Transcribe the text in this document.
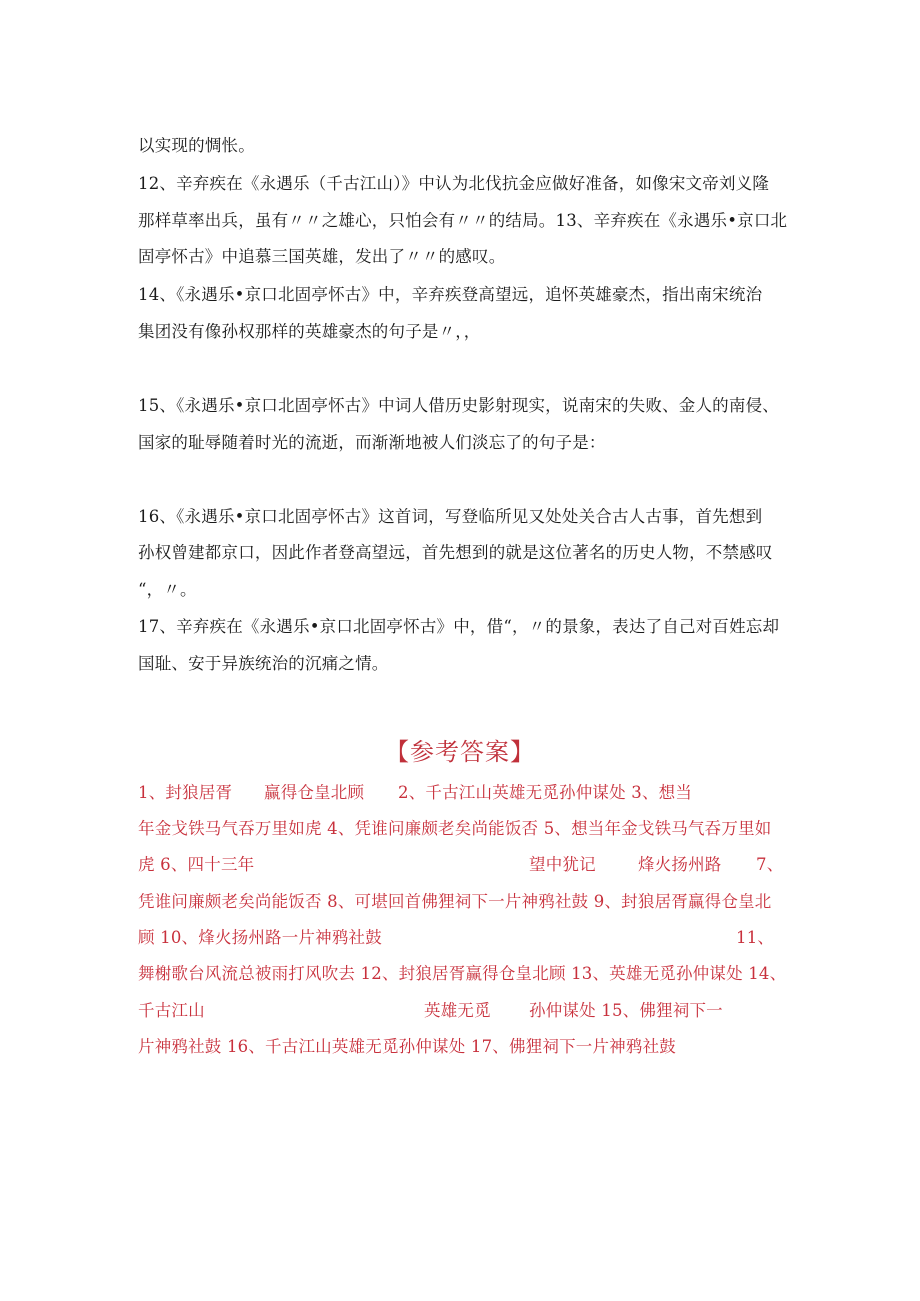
以实现的惆怅。
12、辛弃疾在《永遇乐（千古江山）》中认为北伐抗金应做好准备，如像宋文帝刘义隆
那样草率出兵，虽有〃〃之雄心，只怕会有〃〃的结局。13、辛弃疾在《永遇乐•京口北
固亭怀古》中追慕三国英雄，发出了〃〃的感叹。
14、《永遇乐•京口北固亭怀古》中，辛弃疾登高望远，追怀英雄豪杰，指出南宋统治
集团没有像孙权那样的英雄豪杰的句子是〃，，
15、《永遇乐•京口北固亭怀古》中词人借历史影射现实，说南宋的失败、金人的南侵、
国家的耻辱随着时光的流逝，而渐渐地被人们淡忘了的句子是：
16、《永遇乐•京口北固亭怀古》这首词，写登临所见又处处关合古人古事，首先想到
孙权曾建都京口，因此作者登高望远，首先想到的就是这位著名的历史人物，不禁感叹
“，〃。
17、辛弃疾在《永遇乐•京口北固亭怀古》中，借“，〃的景象，表达了自己对百姓忘却
国耻、安于异族统治的沉痛之情。
【参考答案】
1、封狼居胥 赢得仓皇北顾 2、千古江山英雄无觅孙仲谋处 3、想当
年金戈铁马气吞万里如虎 4、凭谁问廉颇老矣尚能饭否 5、想当年金戈铁马气吞万里如
虎 6、四十三年	望中犹记	烽火扬州路 7、
凭谁问廉颇老矣尚能饭否 8、可堪回首佛狸祠下一片神鸦社鼓 9、封狼居胥赢得仓皇北
顾 10、烽火扬州路一片神鸦社鼓	11、
舞榭歌台风流总被雨打风吹去 12、封狼居胥赢得仓皇北顾 13、英雄无觅孙仲谋处 14、
千古江山	英雄无觅 孙仲谋处 15、佛狸祠下一
片神鸦社鼓 16、千古江山英雄无觅孙仲谋处 17、佛狸祠下一片神鸦社鼓
